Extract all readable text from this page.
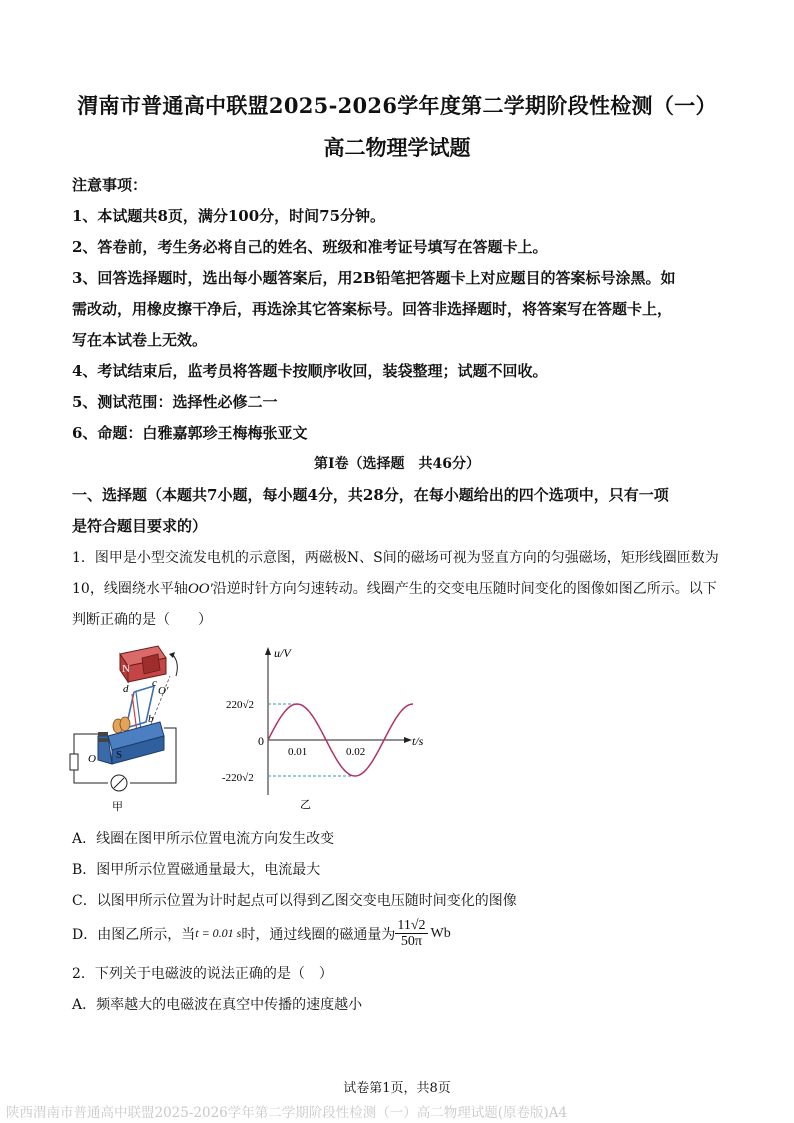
渭南市普通高中联盟2025-2026学年度第二学期阶段性检测（一）
高二物理学试题
注意事项：
1、本试题共8页，满分100分，时间75分钟。
2、答卷前，考生务必将自己的姓名、班级和准考证号填写在答题卡上。
3、回答选择题时，选出每小题答案后，用2B铅笔把答题卡上对应题目的答案标号涂黑。如
需改动，用橡皮擦干净后，再选涂其它答案标号。回答非选择题时，将答案写在答题卡上，
写在本试卷上无效。
4、考试结束后，监考员将答题卡按顺序收回，装袋整理；试题不回收。
5、测试范围：选择性必修二一
6、命题：白雅嘉郭珍王梅梅张亚文
第Ⅰ卷（选择题　共46分）
一、选择题（本题共7小题，每小题4分，共28分，在每小题给出的四个选项中，只有一项
是符合题目要求的）
1．图甲是小型交流发电机的示意图，两磁极N、S间的磁场可视为竖直方向的匀强磁场，矩形线圈匝数为
10，线圈绕水平轴OO′沿逆时针方向匀速转动。线圈产生的交变电压随时间变化的图像如图乙所示。以下
判断正确的是（　　）
N
d c
O′
b
S
O
甲
u/V
t/s
0
0.01	0.02
220√2
-220√2
乙
A．线圈在图甲所示位置电流方向发生改变
B．图甲所示位置磁通量最大，电流最大
C．以图甲所示位置为计时起点可以得到乙图交变电压随时间变化的图像
D．由图乙所示，当 t = 0.01 s 时，通过线圈的磁通量为 $\frac{11√2}{50\pi}$ Wb
2．下列关于电磁波的说法正确的是（　）
A．频率越大的电磁波在真空中传播的速度越小
试卷第1页，共8页
陕西渭南市普通高中联盟2025-2026学年第二学期阶段性检测（一）高二物理试题(原卷版)A4
